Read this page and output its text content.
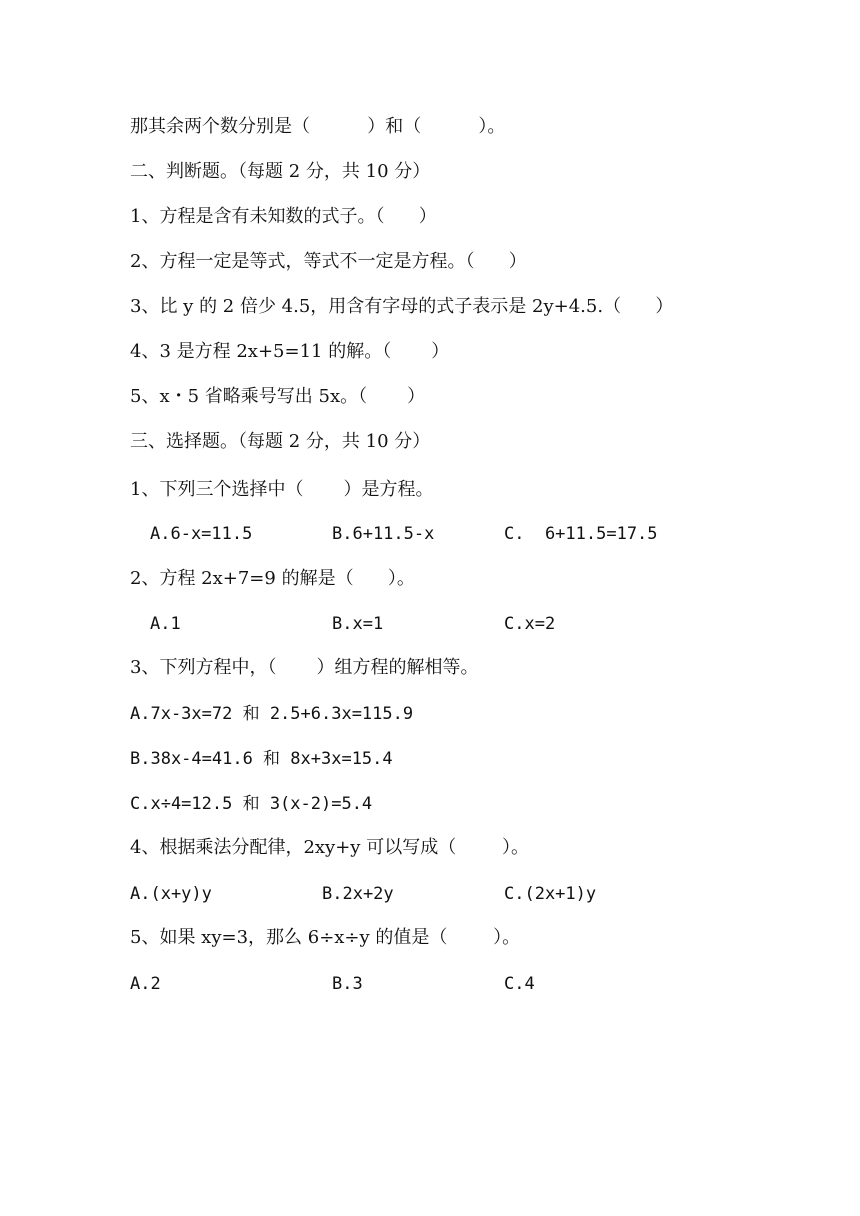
那其余两个数分别是（          ）和（          ）。
二、判断题。（每题 2 分，共 10 分）
1、方程是含有未知数的式子。（      ）
2、方程一定是等式，等式不一定是方程。（      ）
3、比 y 的 2 倍少 4.5，用含有字母的式子表示是 2y+4.5.（      ）
4、3 是方程 2x+5=11 的解。（       ）
5、x・5 省略乘号写出 5x。（       ）
三、选择题。（每题 2 分，共 10 分）
1、下列三个选择中（       ）是方程。
A.6-x=11.5	B.6+11.5-x	C.  6+11.5=17.5
2、方程 2x+7=9 的解是（      ）。
A.1	B.x=1	C.x=2
3、下列方程中，（       ）组方程的解相等。
A.7x-3x=72 和 2.5+6.3x=115.9
B.38x-4=41.6 和 8x+3x=15.4
C.x÷4=12.5 和 3(x-2)=5.4
4、根据乘法分配律，2xy+y 可以写成（        ）。
A.(x+y)y	B.2x+2y	C.(2x+1)y
5、如果 xy=3，那么 6÷x÷y 的值是（        ）。
A.2	B.3	C.4
